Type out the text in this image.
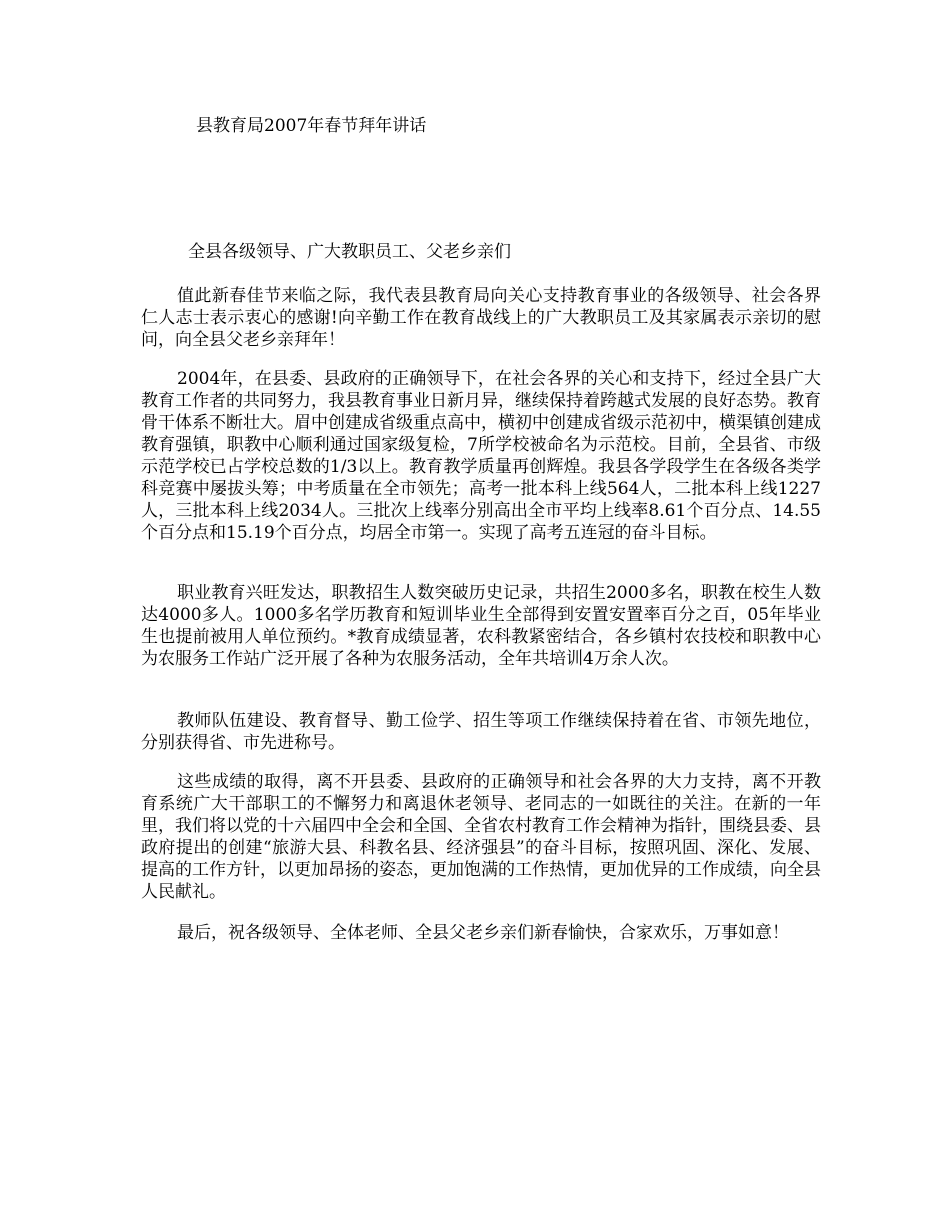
县教育局2007年春节拜年讲话
全县各级领导、广大教职员工、父老乡亲们

值此新春佳节来临之际，我代表县教育局向关心支持教育事业的各级领导、社会各界仁人志士表示衷心的感谢!向辛勤工作在教育战线上的广大教职员工及其家属表示亲切的慰问，向全县父老乡亲拜年！

2004年，在县委、县政府的正确领导下，在社会各界的关心和支持下，经过全县广大教育工作者的共同努力，我县教育事业日新月异，继续保持着跨越式发展的良好态势。教育骨干体系不断壮大。眉中创建成省级重点高中，横初中创建成省级示范初中，横渠镇创建成教育强镇，职教中心顺利通过国家级复检，7所学校被命名为示范校。目前，全县省、市级示范学校已占学校总数的1/3以上。教育教学质量再创辉煌。我县各学段学生在各级各类学科竞赛中屡拔头筹；中考质量在全市领先；高考一批本科上线564人，二批本科上线1227人，三批本科上线2034人。三批次上线率分别高出全市平均上线率8.61个百分点、14.55个百分点和15.19个百分点，均居全市第一。实现了高考五连冠的奋斗目标。

职业教育兴旺发达，职教招生人数突破历史记录，共招生2000多名，职教在校生人数达4000多人。1000多名学历教育和短训毕业生全部得到安置安置率百分之百，05年毕业生也提前被用人单位预约。*教育成绩显著，农科教紧密结合，各乡镇村农技校和职教中心为农服务工作站广泛开展了各种为农服务活动，全年共培训4万余人次。

教师队伍建设、教育督导、勤工俭学、招生等项工作继续保持着在省、市领先地位，分别获得省、市先进称号。

这些成绩的取得，离不开县委、县政府的正确领导和社会各界的大力支持，离不开教育系统广大干部职工的不懈努力和离退休老领导、老同志的一如既往的关注。在新的一年里，我们将以党的十六届四中全会和全国、全省农村教育工作会精神为指针，围绕县委、县政府提出的创建“旅游大县、科教名县、经济强县”的奋斗目标，按照巩固、深化、发展、提高的工作方针，以更加昂扬的姿态，更加饱满的工作热情，更加优异的工作成绩，向全县人民献礼。

最后，祝各级领导、全体老师、全县父老乡亲们新春愉快，合家欢乐，万事如意！
